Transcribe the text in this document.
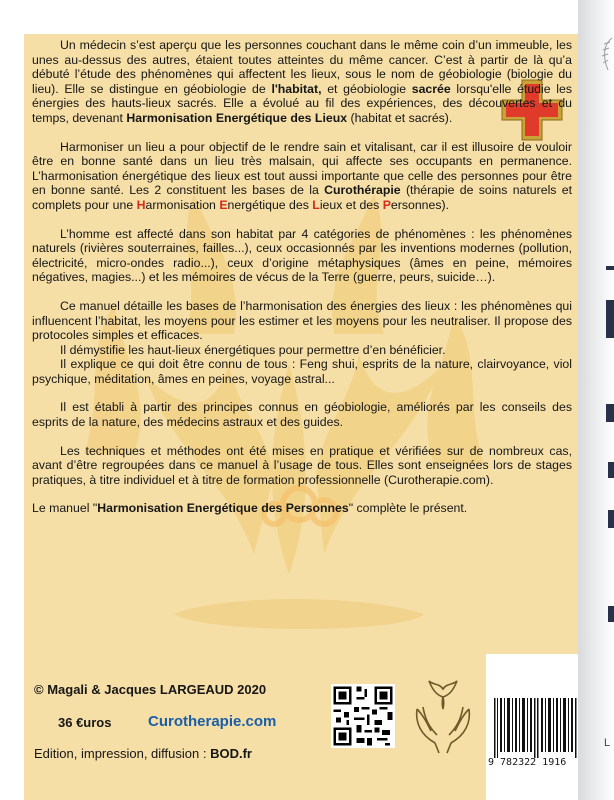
Un médecin s’est aperçu que les personnes couchant dans le même coin d’un immeuble, les unes au-dessus des autres, étaient toutes atteintes du même cancer. C’est à partir de là qu’a débuté l’étude des phénomènes qui affectent les lieux, sous le nom de géobiologie (biologie du lieu). Elle se distingue en géobiologie de l'habitat, et géobiologie sacrée lorsqu'elle étudie les énergies des hauts-lieux sacrés. Elle a évolué au fil des expériences, des découvertes et du temps, devenant Harmonisation Energétique des Lieux (habitat et sacrés).

Harmoniser un lieu a pour objectif de le rendre sain et vitalisant, car il est illusoire de vouloir être en bonne santé dans un lieu très malsain, qui affecte ses occupants en permanence. L’harmonisation énergétique des lieux est tout aussi importante que celle des personnes pour être en bonne santé. Les 2 constituent les bases de la Curothérapie (thérapie de soins naturels et complets pour une Harmonisation Energétique des Lieux et des Personnes).

L’homme est affecté dans son habitat par 4 catégories de phénomènes : les phénomènes naturels (rivières souterraines, failles...), ceux occasionnés par les inventions modernes (pollution, électricité, micro-ondes radio...), ceux d’origine métaphysiques (âmes en peine, mémoires négatives, magies...) et les mémoires de vécus de la Terre (guerre, peurs, suicide…).

Ce manuel détaille les bases de l’harmonisation des énergies des lieux : les phénomènes qui influencent l’habitat, les moyens pour les estimer et les moyens pour les neutraliser. Il propose des protocoles simples et efficaces.

Il démystifie les haut-lieux énergétiques pour permettre d’en bénéficier.

Il explique ce qui doit être connu de tous : Feng shui, esprits de la nature, clairvoyance, viol psychique, méditation, âmes en peines, voyage astral...

Il est établi à partir des principes connus en géobiologie, améliorés par les conseils des esprits de la nature, des médecins astraux et des guides.

Les techniques et méthodes ont été mises en pratique et vérifiées sur de nombreux cas, avant d’être regroupées dans ce manuel à l’usage de tous. Elles sont enseignées lors de stages pratiques, à titre individuel et à titre de formation professionnelle (Curotherapie.com).

Le manuel "Harmonisation Energétique des Personnes" complète le présent.

© Magali & Jacques LARGEAUD 2020
36 €uros Curotherapie.com
Edition, impression, diffusion : BOD.fr
9 782322 1916
L
